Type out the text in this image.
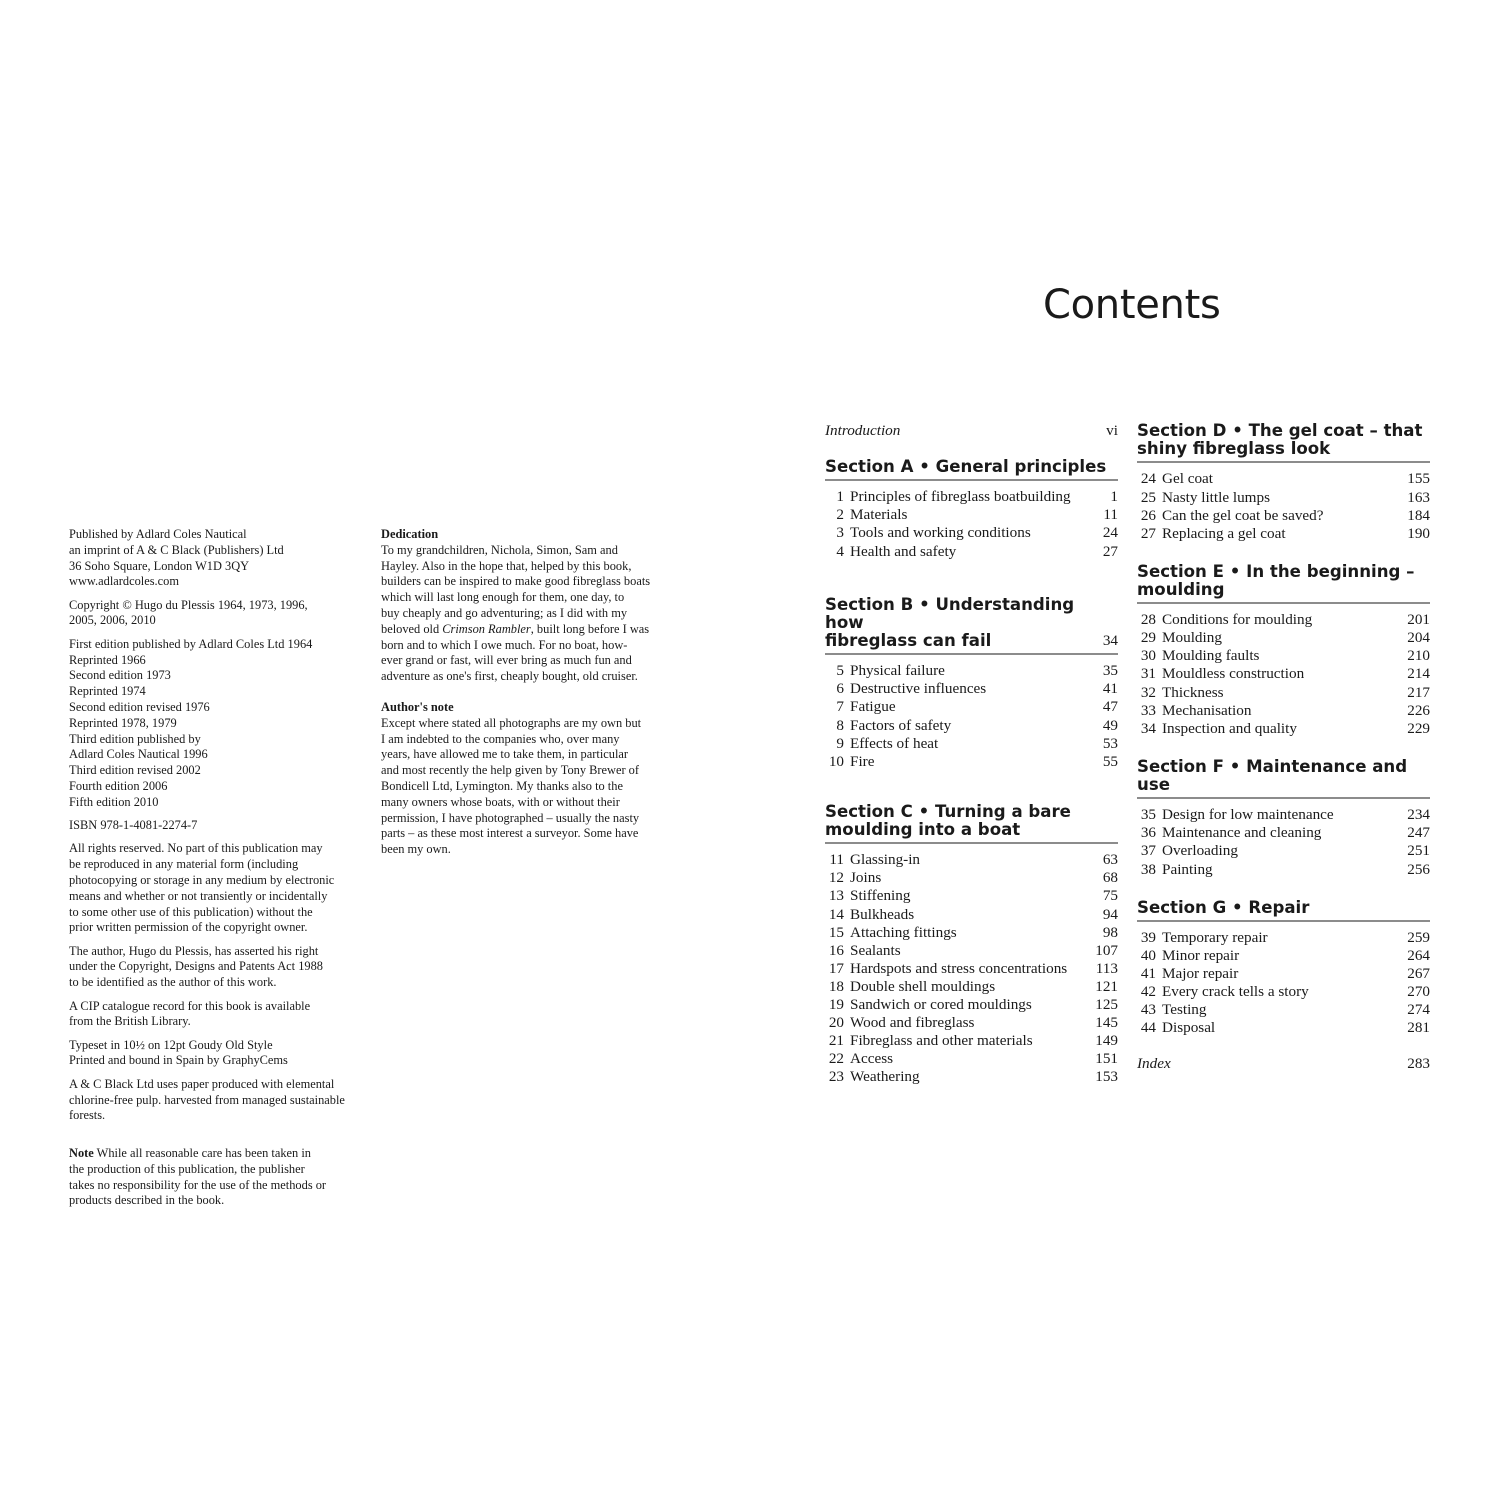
Published by Adlard Coles Nautical
an imprint of A & C Black (Publishers) Ltd
36 Soho Square, London W1D 3QY
www.adlardcoles.com

Copyright © Hugo du Plessis 1964, 1973, 1996,
2005, 2006, 2010

First edition published by Adlard Coles Ltd 1964
Reprinted 1966
Second edition 1973
Reprinted 1974
Second edition revised 1976
Reprinted 1978, 1979
Third edition published by
Adlard Coles Nautical 1996
Third edition revised 2002
Fourth edition 2006
Fifth edition 2010

ISBN 978-1-4081-2274-7

All rights reserved. No part of this publication may
be reproduced in any material form (including
photocopying or storage in any medium by electronic
means and whether or not transiently or incidentally
to some other use of this publication) without the
prior written permission of the copyright owner.

The author, Hugo du Plessis, has asserted his right
under the Copyright, Designs and Patents Act 1988
to be identified as the author of this work.

A CIP catalogue record for this book is available
from the British Library.

Typeset in 10½ on 12pt Goudy Old Style
Printed and bound in Spain by GraphyCems

A & C Black Ltd uses paper produced with elemental
chlorine-free pulp. harvested from managed sustainable
forests.

Note While all reasonable care has been taken in
the production of this publication, the publisher
takes no responsibility for the use of the methods or
products described in the book.

Dedication

To my grandchildren, Nichola, Simon, Sam and
Hayley. Also in the hope that, helped by this book,
builders can be inspired to make good fibreglass boats
which will last long enough for them, one day, to
buy cheaply and go adventuring; as I did with my
beloved old Crimson Rambler, built long before I was
born and to which I owe much. For no boat, how-
ever grand or fast, will ever bring as much fun and
adventure as one's first, cheaply bought, old cruiser.

Author's note

Except where stated all photographs are my own but
I am indebted to the companies who, over many
years, have allowed me to take them, in particular
and most recently the help given by Tony Brewer of
Bondicell Ltd, Lymington. My thanks also to the
many owners whose boats, with or without their
permission, I have photographed – usually the nasty
parts – as these most interest a surveyor. Some have
been my own.

Contents
Introduction	vi
Section A • General principles
1 Principles of fibreglass boatbuilding	1
2 Materials	11
3 Tools and working conditions	24
4 Health and safety	27
Section B • Understanding how
fibreglass can fail	34
5 Physical failure	35
6 Destructive influences	41
7 Fatigue	47
8 Factors of safety	49
9 Effects of heat	53
10 Fire	55
Section C • Turning a bare
moulding into a boat
11 Glassing-in	63
12 Joins	68
13 Stiffening	75
14 Bulkheads	94
15 Attaching fittings	98
16 Sealants	107
17 Hardspots and stress concentrations 113
18 Double shell mouldings	121
19 Sandwich or cored mouldings	125
20 Wood and fibreglass	145
21 Fibreglass and other materials	149
22 Access	151
23 Weathering	153
Section D • The gel coat – that
shiny fibreglass look
24 Gel coat	155
25 Nasty little lumps	163
26 Can the gel coat be saved?	184
27 Replacing a gel coat	190
Section E • In the beginning –
moulding
28 Conditions for moulding	201
29 Moulding	204
30 Moulding faults	210
31 Mouldless construction	214
32 Thickness	217
33 Mechanisation	226
34 Inspection and quality	229
Section F • Maintenance and use
35 Design for low maintenance	234
36 Maintenance and cleaning	247
37 Overloading	251
38 Painting	256
Section G • Repair
39 Temporary repair	259
40 Minor repair	264
41 Major repair	267
42 Every crack tells a story	270
43 Testing	274
44 Disposal	281
Index	283
